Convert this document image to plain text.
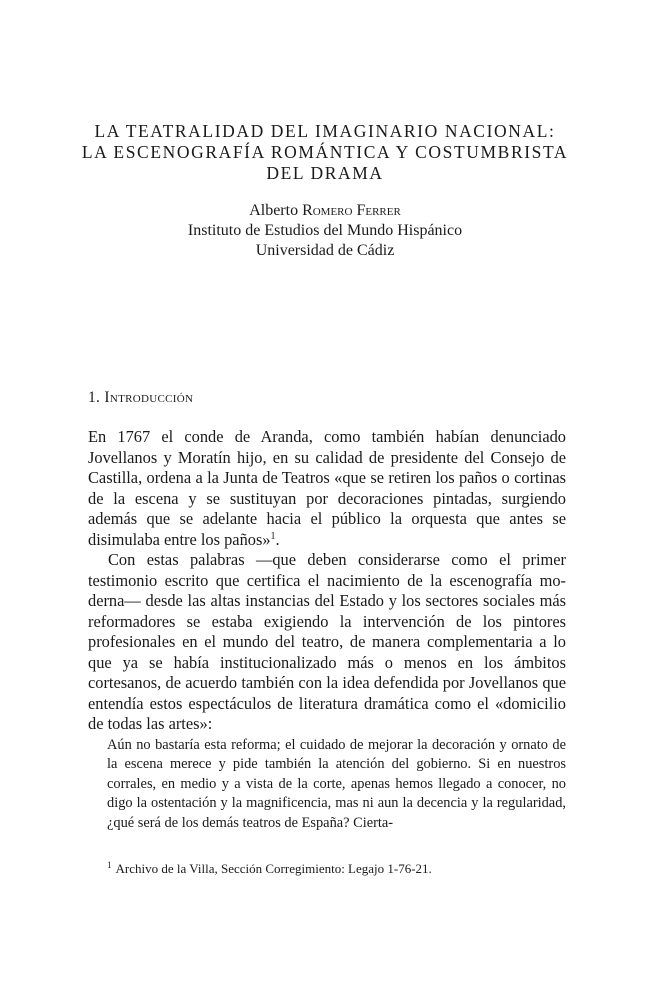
LA TEATRALIDAD DEL IMAGINARIO NACIONAL:
LA ESCENOGRAFÍA ROMÁNTICA Y COSTUMBRISTA
DEL DRAMA
Alberto Romero Ferrer
Instituto de Estudios del Mundo Hispánico
Universidad de Cádiz
1. Introducción

En 1767 el conde de Aranda, como también habían denunciado Jovellanos y Moratín hijo, en su calidad de presidente del Consejo de Castilla, ordena a la Junta de Teatros «que se retiren los paños o cortinas de la escena y se sustituyan por decoraciones pintadas, surgiendo además que se adelante hacia el público la orquesta que antes se disimulaba entre los paños»$^1$.

Con estas palabras —que deben considerarse como el primer testimonio escrito que certifica el nacimiento de la escenografía moderna— desde las altas instancias del Estado y los sectores sociales más reformadores se estaba exigiendo la intervención de los pintores profesionales en el mundo del teatro, de manera complementaria a lo que ya se había institucionalizado más o menos en los ámbitos cortesanos, de acuerdo también con la idea defendida por Jovellanos que entendía estos espectáculos de literatura dramática como el «domicilio de todas las artes»:

Aún no bastaría esta reforma; el cuidado de mejorar la decoración y ornato de la escena merece y pide también la atención del gobierno. Si en nuestros corrales, en medio y a vista de la corte, apenas hemos llegado a conocer, no digo la ostentación y la magnificencia, mas ni aun la decencia y la regularidad, ¿qué será de los demás teatros de España? Cierta-

$^1$ Archivo de la Villa, Sección Corregimiento: Legajo 1-76-21.
